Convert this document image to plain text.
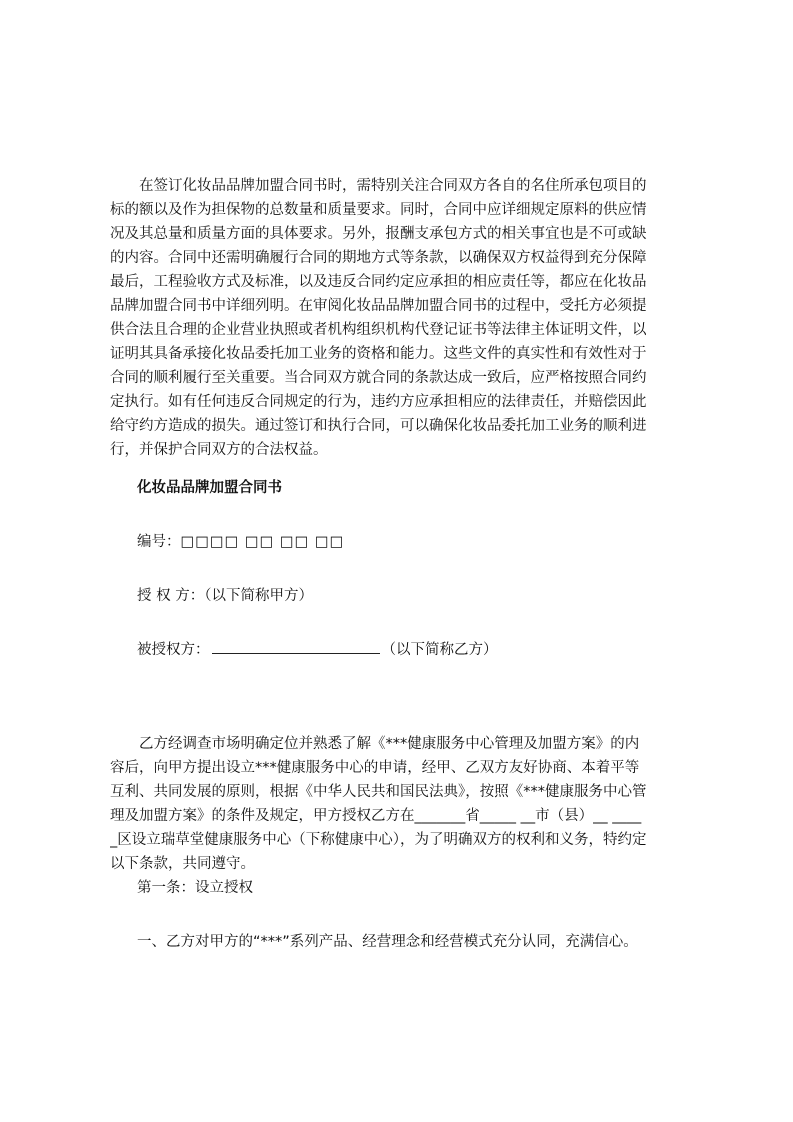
　　在签订化妆品品牌加盟合同书时，需特别关注合同双方各自的名住所承包项目的
标的额以及作为担保物的总数量和质量要求。同时，合同中应详细规定原料的供应情
况及其总量和质量方面的具体要求。另外，报酬支承包方式的相关事宜也是不可或缺
的内容。合同中还需明确履行合同的期地方式等条款，以确保双方权益得到充分保障
最后，工程验收方式及标准，以及违反合同约定应承担的相应责任等，都应在化妆品
品牌加盟合同书中详细列明。在审阅化妆品品牌加盟合同书的过程中，受托方必须提
供合法且合理的企业营业执照或者机构组织机构代登记证书等法律主体证明文件，以
证明其具备承接化妆品委托加工业务的资格和能力。这些文件的真实性和有效性对于
合同的顺利履行至关重要。当合同双方就合同的条款达成一致后，应严格按照合同约
定执行。如有任何违反合同规定的行为，违约方应承担相应的法律责任，并赔偿因此
给守约方造成的损失。通过签订和执行合同，可以确保化妆品委托加工业务的顺利进
行，并保护合同双方的合法权益。

化妆品品牌加盟合同书

编号：□□□□ □□ □□ □□

授 权 方：（以下简称甲方）

被授权方：	（以下简称乙方）

　　乙方经调查市场明确定位并熟悉了解《***健康服务中心管理及加盟方案》的内
容后，向甲方提出设立***健康服务中心的申请，经甲、乙双方友好协商、本着平等
互利、共同发展的原则，根据《中华人民共和国民法典》，按照《***健康服务中心管
理及加盟方案》的条件及规定，甲方授权乙方在_______省_____ __市（县）__ ____
_区设立瑞草堂健康服务中心（下称健康中心），为了明确双方的权利和义务，特约定
以下条款，共同遵守。

第一条：设立授权

一、乙方对甲方的“***”系列产品、经营理念和经营模式充分认同，充满信心。
